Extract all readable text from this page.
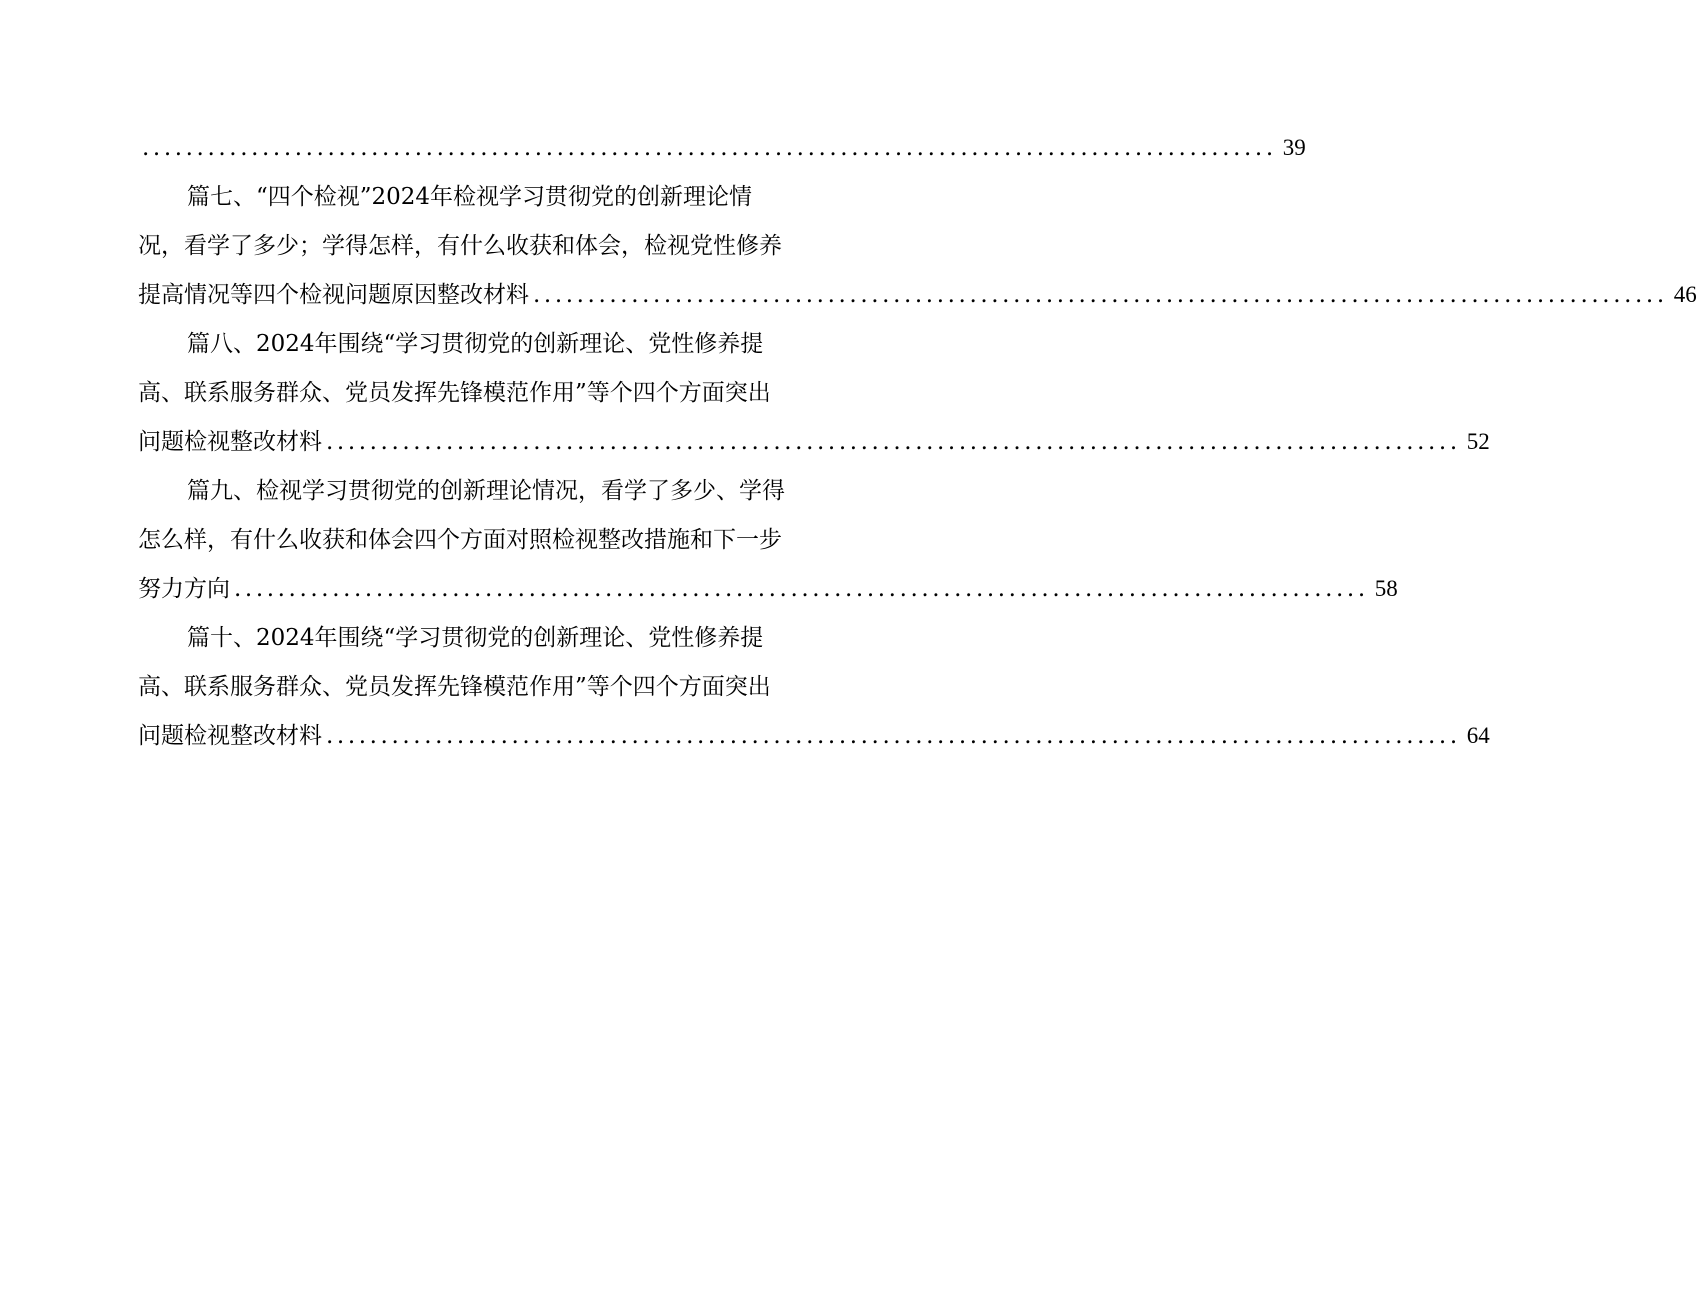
........................................................................................................ 39
篇七、“四个检视”2024年检视学习贯彻党的创新理论情
况，看学了多少；学得怎样，有什么收获和体会，检视党性修养
提高情况等四个检视问题原因整改材料 ........................................................................................................ 46
篇八、2024年围绕“学习贯彻党的创新理论、党性修养提
高、联系服务群众、党员发挥先锋模范作用”等个四个方面突出
问题检视整改材料 ........................................................................................................ 52
篇九、检视学习贯彻党的创新理论情况，看学了多少、学得
怎么样，有什么收获和体会四个方面对照检视整改措施和下一步
努力方向 ........................................................................................................ 58
篇十、2024年围绕“学习贯彻党的创新理论、党性修养提
高、联系服务群众、党员发挥先锋模范作用”等个四个方面突出
问题检视整改材料 ........................................................................................................ 64
